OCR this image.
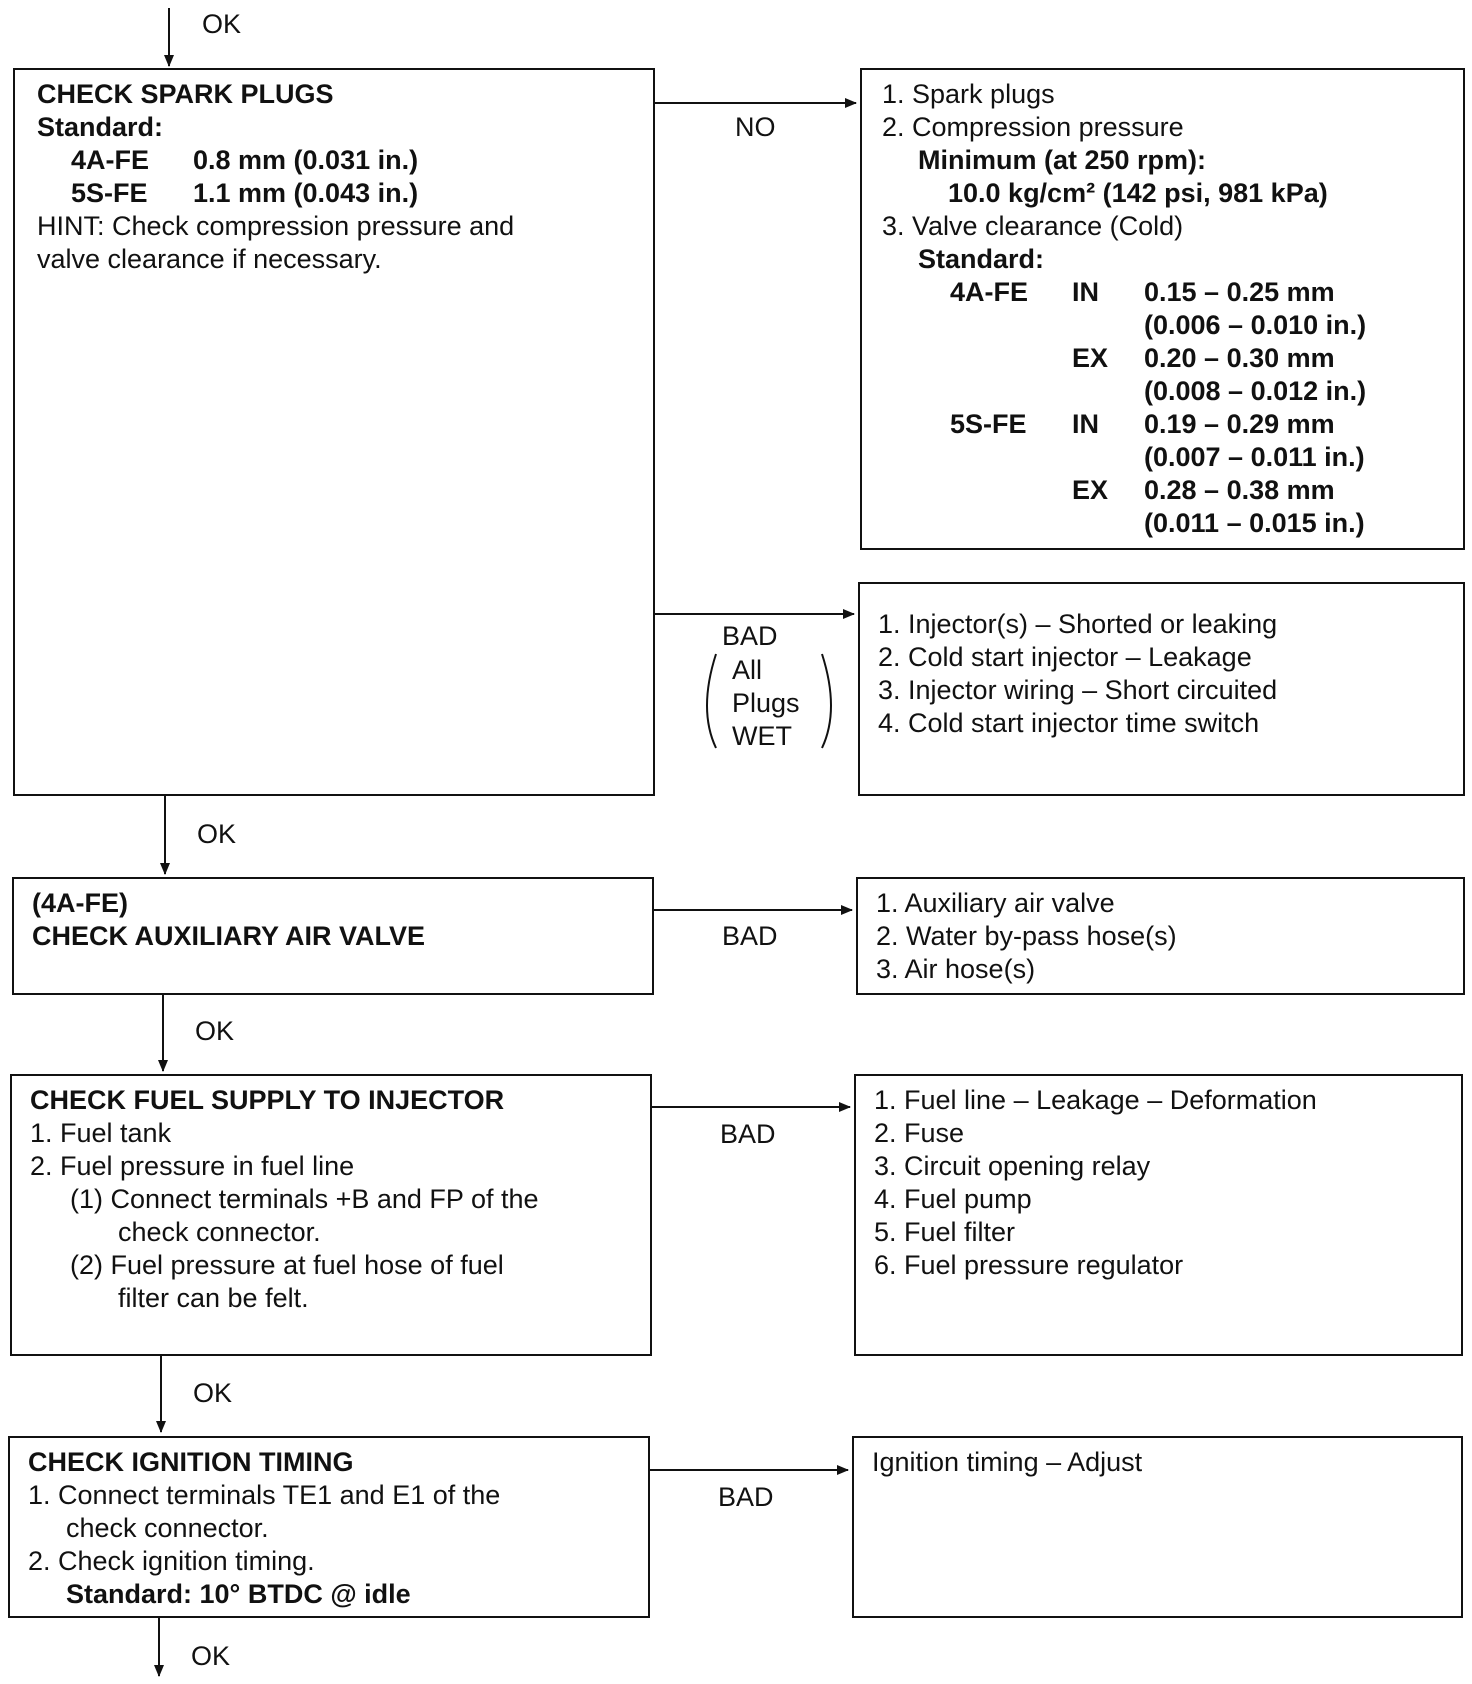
OK
OK
OK
OK
OK
NO
BAD
All
Plugs
WET
BAD
BAD
BAD
CHECK SPARK PLUGS
Standard:
4A-FE 0.8 mm (0.031 in.)
5S-FE 1.1 mm (0.043 in.)
HINT: Check compression pressure and
valve clearance if necessary.
1. Spark plugs
2. Compression pressure
Minimum (at 250 rpm):
10.0 kg/cm² (142 psi, 981 kPa)
3. Valve clearance (Cold)
Standard:
4A-FE IN 0.15 – 0.25 mm
(0.006 – 0.010 in.)
EX 0.20 – 0.30 mm
(0.008 – 0.012 in.)
5S-FE IN 0.19 – 0.29 mm
(0.007 – 0.011 in.)
EX 0.28 – 0.38 mm
(0.011 – 0.015 in.)
1. Injector(s) – Shorted or leaking
2. Cold start injector – Leakage
3. Injector wiring – Short circuited
4. Cold start injector time switch
(4A-FE)
CHECK AUXILIARY AIR VALVE
1. Auxiliary air valve
2. Water by-pass hose(s)
3. Air hose(s)
CHECK FUEL SUPPLY TO INJECTOR
1. Fuel tank
2. Fuel pressure in fuel line
(1) Connect terminals +B and FP of the
check connector.
(2) Fuel pressure at fuel hose of fuel
filter can be felt.
1. Fuel line – Leakage – Deformation
2. Fuse
3. Circuit opening relay
4. Fuel pump
5. Fuel filter
6. Fuel pressure regulator
CHECK IGNITION TIMING
1. Connect terminals TE1 and E1 of the
check connector.
2. Check ignition timing.
Standard: 10° BTDC @ idle
Ignition timing – Adjust
